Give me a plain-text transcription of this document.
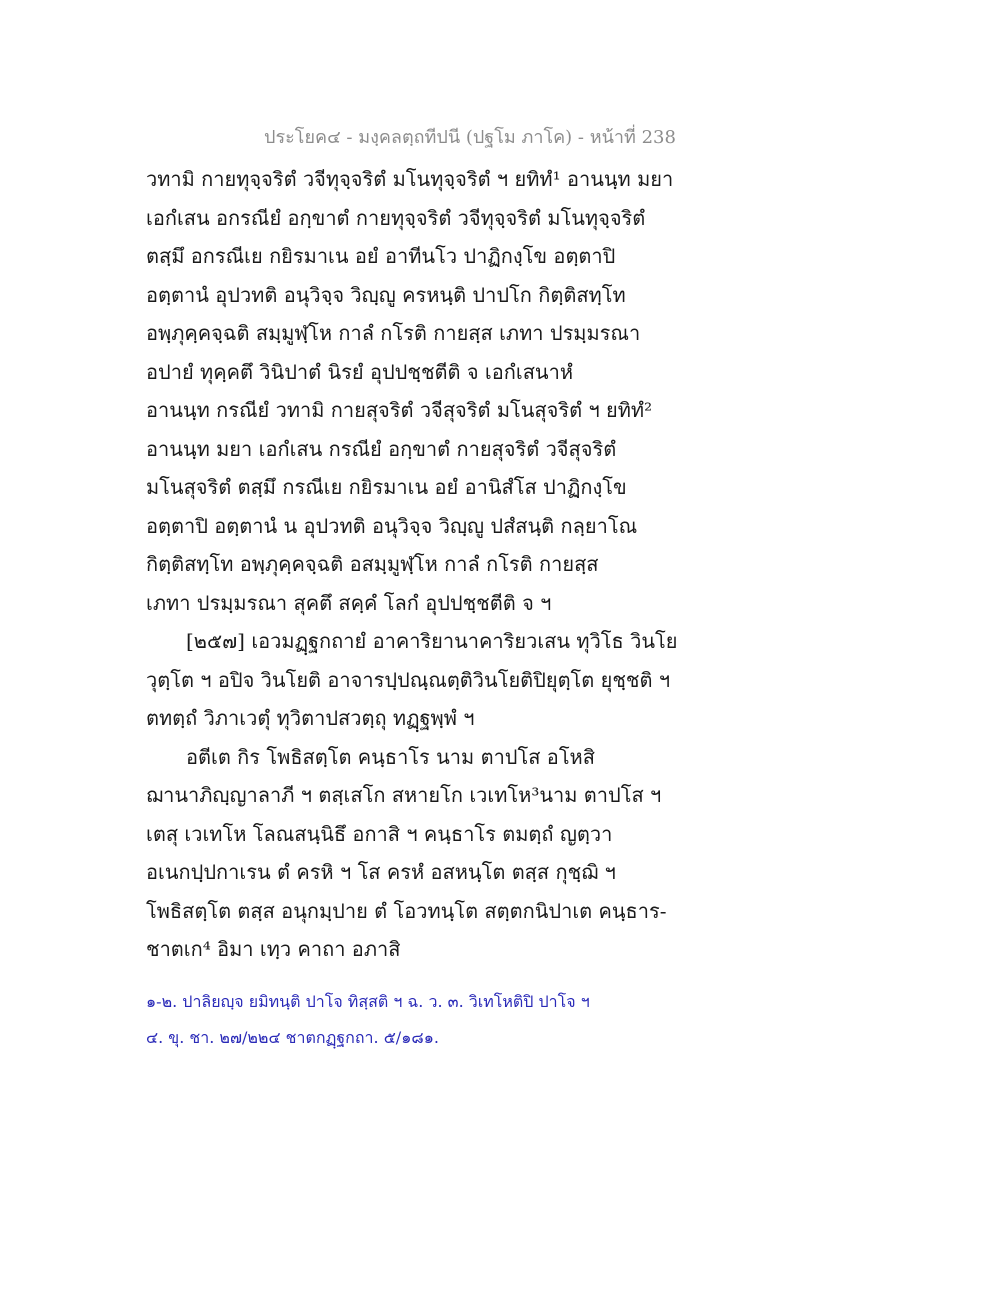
ประโยค๔ - มงฺคลตฺถทีปนี (ปฐโม ภาโค) - หน้าที่ 238
วทามิ กายทุจฺจริตํ วจีทุจฺจริตํ มโนทุจฺจริตํ ฯ ยทิทํ¹ อานนฺท มยา
เอกํเสน อกรณียํ อกฺขาตํ กายทุจฺจริตํ วจีทุจฺจริตํ มโนทุจฺจริตํ
ตสฺมึ อกรณีเย กยิรมาเน อยํ อาทีนโว ปาฏิกงฺโข อตฺตาปิ
อตฺตานํ อุปวทติ อนุวิจฺจ วิญฺญู ครหนฺติ ปาปโก กิตฺติสทฺโท
อพฺภุคฺคจฺฉติ สมฺมูฬฺโห กาลํ กโรติ กายสฺส เภทา ปรมฺมรณา
อปายํ ทุคฺคตึ วินิปาตํ นิรยํ อุปปชฺชตีติ จ เอกํเสนาหํ
อานนฺท กรณียํ วทามิ กายสุจริตํ วจีสุจริตํ มโนสุจริตํ ฯ ยทิทํ²
อานนฺท มยา เอกํเสน กรณียํ อกฺขาตํ กายสุจริตํ วจีสุจริตํ
มโนสุจริตํ ตสฺมึ กรณีเย กยิรมาเน อยํ อานิสํโส ปาฏิกงฺโข
อตฺตาปิ อตฺตานํ น อุปวทติ อนุวิจฺจ วิญฺญู ปสํสนฺติ กลฺยาโณ
กิตฺติสทฺโท อพฺภุคฺคจฺฉติ อสมฺมูฬฺโห กาลํ กโรติ กายสฺส
เภทา ปรมฺมรณา สุคตึ สคฺคํ โลกํ อุปปชฺชตีติ จ ฯ
[๒๕๗] เอวมฏฺฐกถายํ อาคาริยานาคาริยวเสน ทุวิโธ วินโย
วุตฺโต ฯ อปิจ วินโยติ อาจารปฺปณฺณตฺติวินโยติปิยุตฺโต ยุชฺชติ ฯ
ตทตฺถํ วิภาเวตุํ ทุวิตาปสวตฺถุ ทฏฺฐพฺพํ ฯ
อตีเต กิร โพธิสตฺโต คนฺธาโร นาม ตาปโส อโหสิ
ฌานาภิญฺญาลาภี ฯ ตสฺเสโก สหายโก เวเทโห³นาม ตาปโส ฯ
เตสุ เวเทโห โลณสนฺนิธึ อกาสิ ฯ คนฺธาโร ตมตฺถํ ญตฺวา
อเนกปฺปกาเรน ตํ ครหิ ฯ โส ครหํ อสหนฺโต ตสฺส กุชฺฌิ ฯ
โพธิสตฺโต ตสฺส อนุกมฺปาย ตํ โอวทนฺโต สตฺตกนิปาเต คนฺธาร-
ชาตเก⁴ อิมา เทฺว คาถา อภาสิ
๑-๒. ปาลิยญฺจ ยมิทนฺติ ปาโจ ทิสฺสติ ฯ ฉ. ว. ๓. วิเทโหติปิ ปาโจ ฯ
๔. ขุ. ชา. ๒๗/๒๒๔ ชาตกฏฺฐกถา. ๕/๑๘๑.
